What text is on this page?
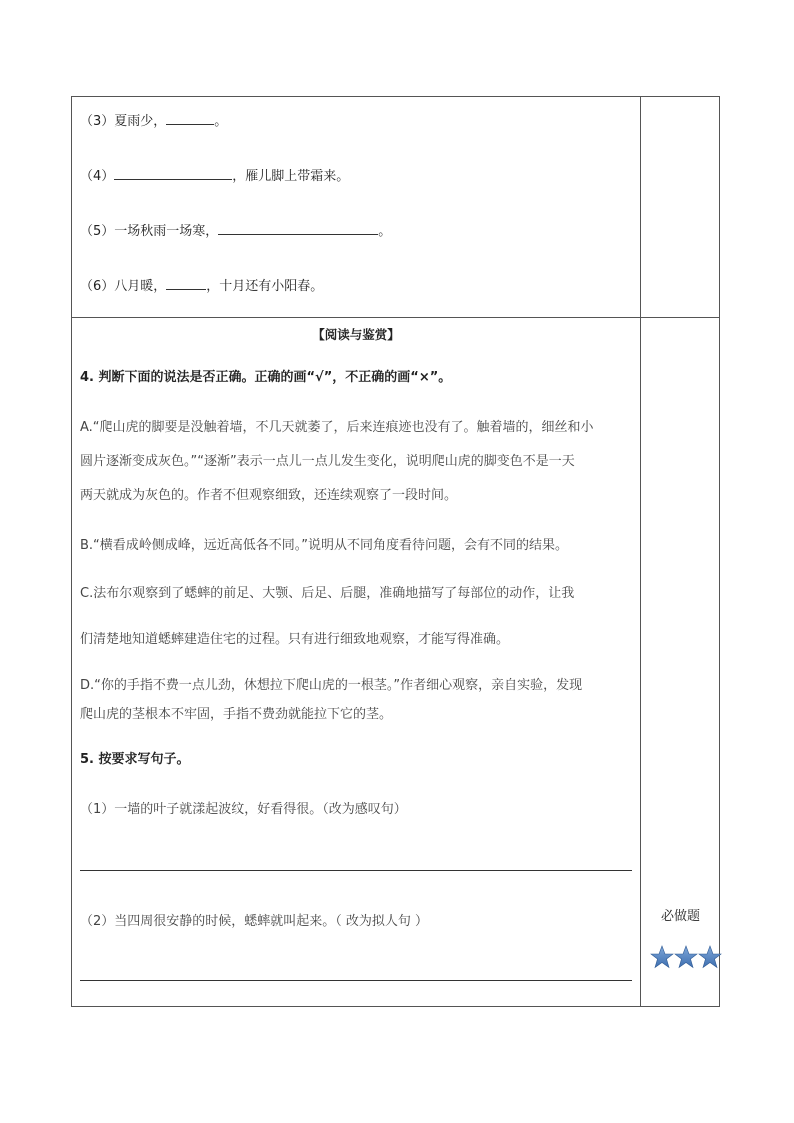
（3）夏雨少，	。
（4）	，雁儿脚上带霜来。
（5）一场秋雨一场寒，	。
（6）八月暖，	，十月还有小阳春。
【阅读与鉴赏】
4. 判断下面的说法是否正确。正确的画“√”，不正确的画“×”。
A.“爬山虎的脚要是没触着墙，不几天就萎了，后来连痕迹也没有了。触着墙的，细丝和小
圆片逐渐变成灰色。”“逐渐”表示一点儿一点儿发生变化，说明爬山虎的脚变色不是一天
两天就成为灰色的。作者不但观察细致，还连续观察了一段时间。
B.“横看成岭侧成峰，远近高低各不同。”说明从不同角度看待问题，会有不同的结果。
C.法布尔观察到了蟋蟀的前足、大颚、后足、后腿，准确地描写了每部位的动作，让我
们清楚地知道蟋蟀建造住宅的过程。只有进行细致地观察，才能写得准确。
D.“你的手指不费一点儿劲，休想拉下爬山虎的一根茎。”作者细心观察，亲自实验，发现
爬山虎的茎根本不牢固，手指不费劲就能拉下它的茎。
5. 按要求写句子。
（1）一墙的叶子就漾起波纹，好看得很。（改为感叹句）
（2）当四周很安静的时候，蟋蟀就叫起来。（ 改为拟人句 ）	必做题
